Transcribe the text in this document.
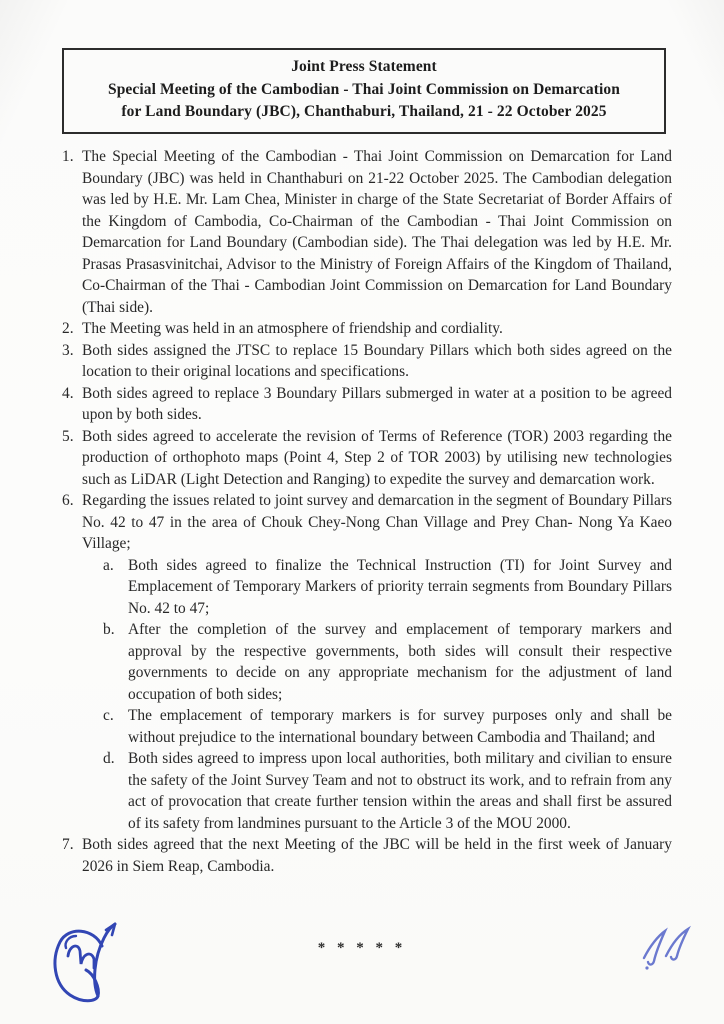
Joint Press Statement
Special Meeting of the Cambodian - Thai Joint Commission on Demarcation
for Land Boundary (JBC), Chanthaburi, Thailand, 21 - 22 October 2025
1. The Special Meeting of the Cambodian - Thai Joint Commission on Demarcation for Land Boundary (JBC) was held in Chanthaburi on 21-22 October 2025. The Cambodian delegation was led by H.E. Mr. Lam Chea, Minister in charge of the State Secretariat of Border Affairs of the Kingdom of Cambodia, Co-Chairman of the Cambodian - Thai Joint Commission on Demarcation for Land Boundary (Cambodian side). The Thai delegation was led by H.E. Mr. Prasas Prasasvinitchai, Advisor to the Ministry of Foreign Affairs of the Kingdom of Thailand, Co-Chairman of the Thai - Cambodian Joint Commission on Demarcation for Land Boundary (Thai side).
2. The Meeting was held in an atmosphere of friendship and cordiality.
3. Both sides assigned the JTSC to replace 15 Boundary Pillars which both sides agreed on the location to their original locations and specifications.
4. Both sides agreed to replace 3 Boundary Pillars submerged in water at a position to be agreed upon by both sides.
5. Both sides agreed to accelerate the revision of Terms of Reference (TOR) 2003 regarding the production of orthophoto maps (Point 4, Step 2 of TOR 2003) by utilising new technologies such as LiDAR (Light Detection and Ranging) to expedite the survey and demarcation work.
6. Regarding the issues related to joint survey and demarcation in the segment of Boundary Pillars No. 42 to 47 in the area of Chouk Chey-Nong Chan Village and Prey Chan- Nong Ya Kaeo Village;
a. Both sides agreed to finalize the Technical Instruction (TI) for Joint Survey and Emplacement of Temporary Markers of priority terrain segments from Boundary Pillars No. 42 to 47;
b. After the completion of the survey and emplacement of temporary markers and approval by the respective governments, both sides will consult their respective governments to decide on any appropriate mechanism for the adjustment of land occupation of both sides;
c. The emplacement of temporary markers is for survey purposes only and shall be without prejudice to the international boundary between Cambodia and Thailand; and
d. Both sides agreed to impress upon local authorities, both military and civilian to ensure the safety of the Joint Survey Team and not to obstruct its work, and to refrain from any act of provocation that create further tension within the areas and shall first be assured of its safety from landmines pursuant to the Article 3 of the MOU 2000.
7. Both sides agreed that the next Meeting of the JBC will be held in the first week of January 2026 in Siem Reap, Cambodia.
* * * * *
